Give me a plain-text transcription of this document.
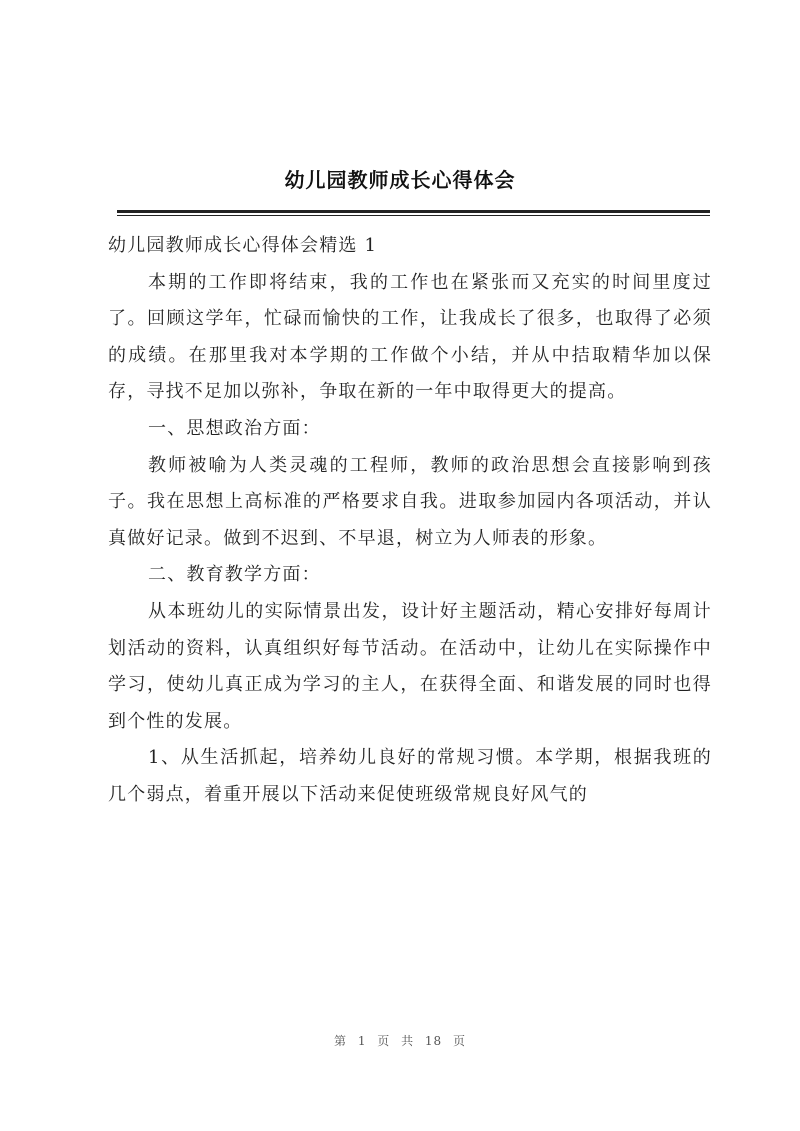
幼儿园教师成长心得体会

幼儿园教师成长心得体会精选 1

本期的工作即将结束，我的工作也在紧张而又充实的时间里度过了。回顾这学年，忙碌而愉快的工作，让我成长了很多，也取得了必须的成绩。在那里我对本学期的工作做个小结，并从中拮取精华加以保存，寻找不足加以弥补，争取在新的一年中取得更大的提高。

一、思想政治方面：

教师被喻为人类灵魂的工程师，教师的政治思想会直接影响到孩子。我在思想上高标准的严格要求自我。进取参加园内各项活动，并认真做好记录。做到不迟到、不早退，树立为人师表的形象。

二、教育教学方面：

从本班幼儿的实际情景出发，设计好主题活动，精心安排好每周计划活动的资料，认真组织好每节活动。在活动中，让幼儿在实际操作中学习，使幼儿真正成为学习的主人，在获得全面、和谐发展的同时也得到个性的发展。

1、从生活抓起，培养幼儿良好的常规习惯。本学期，根据我班的几个弱点，着重开展以下活动来促使班级常规良好风气的

第 1 页 共 18 页
